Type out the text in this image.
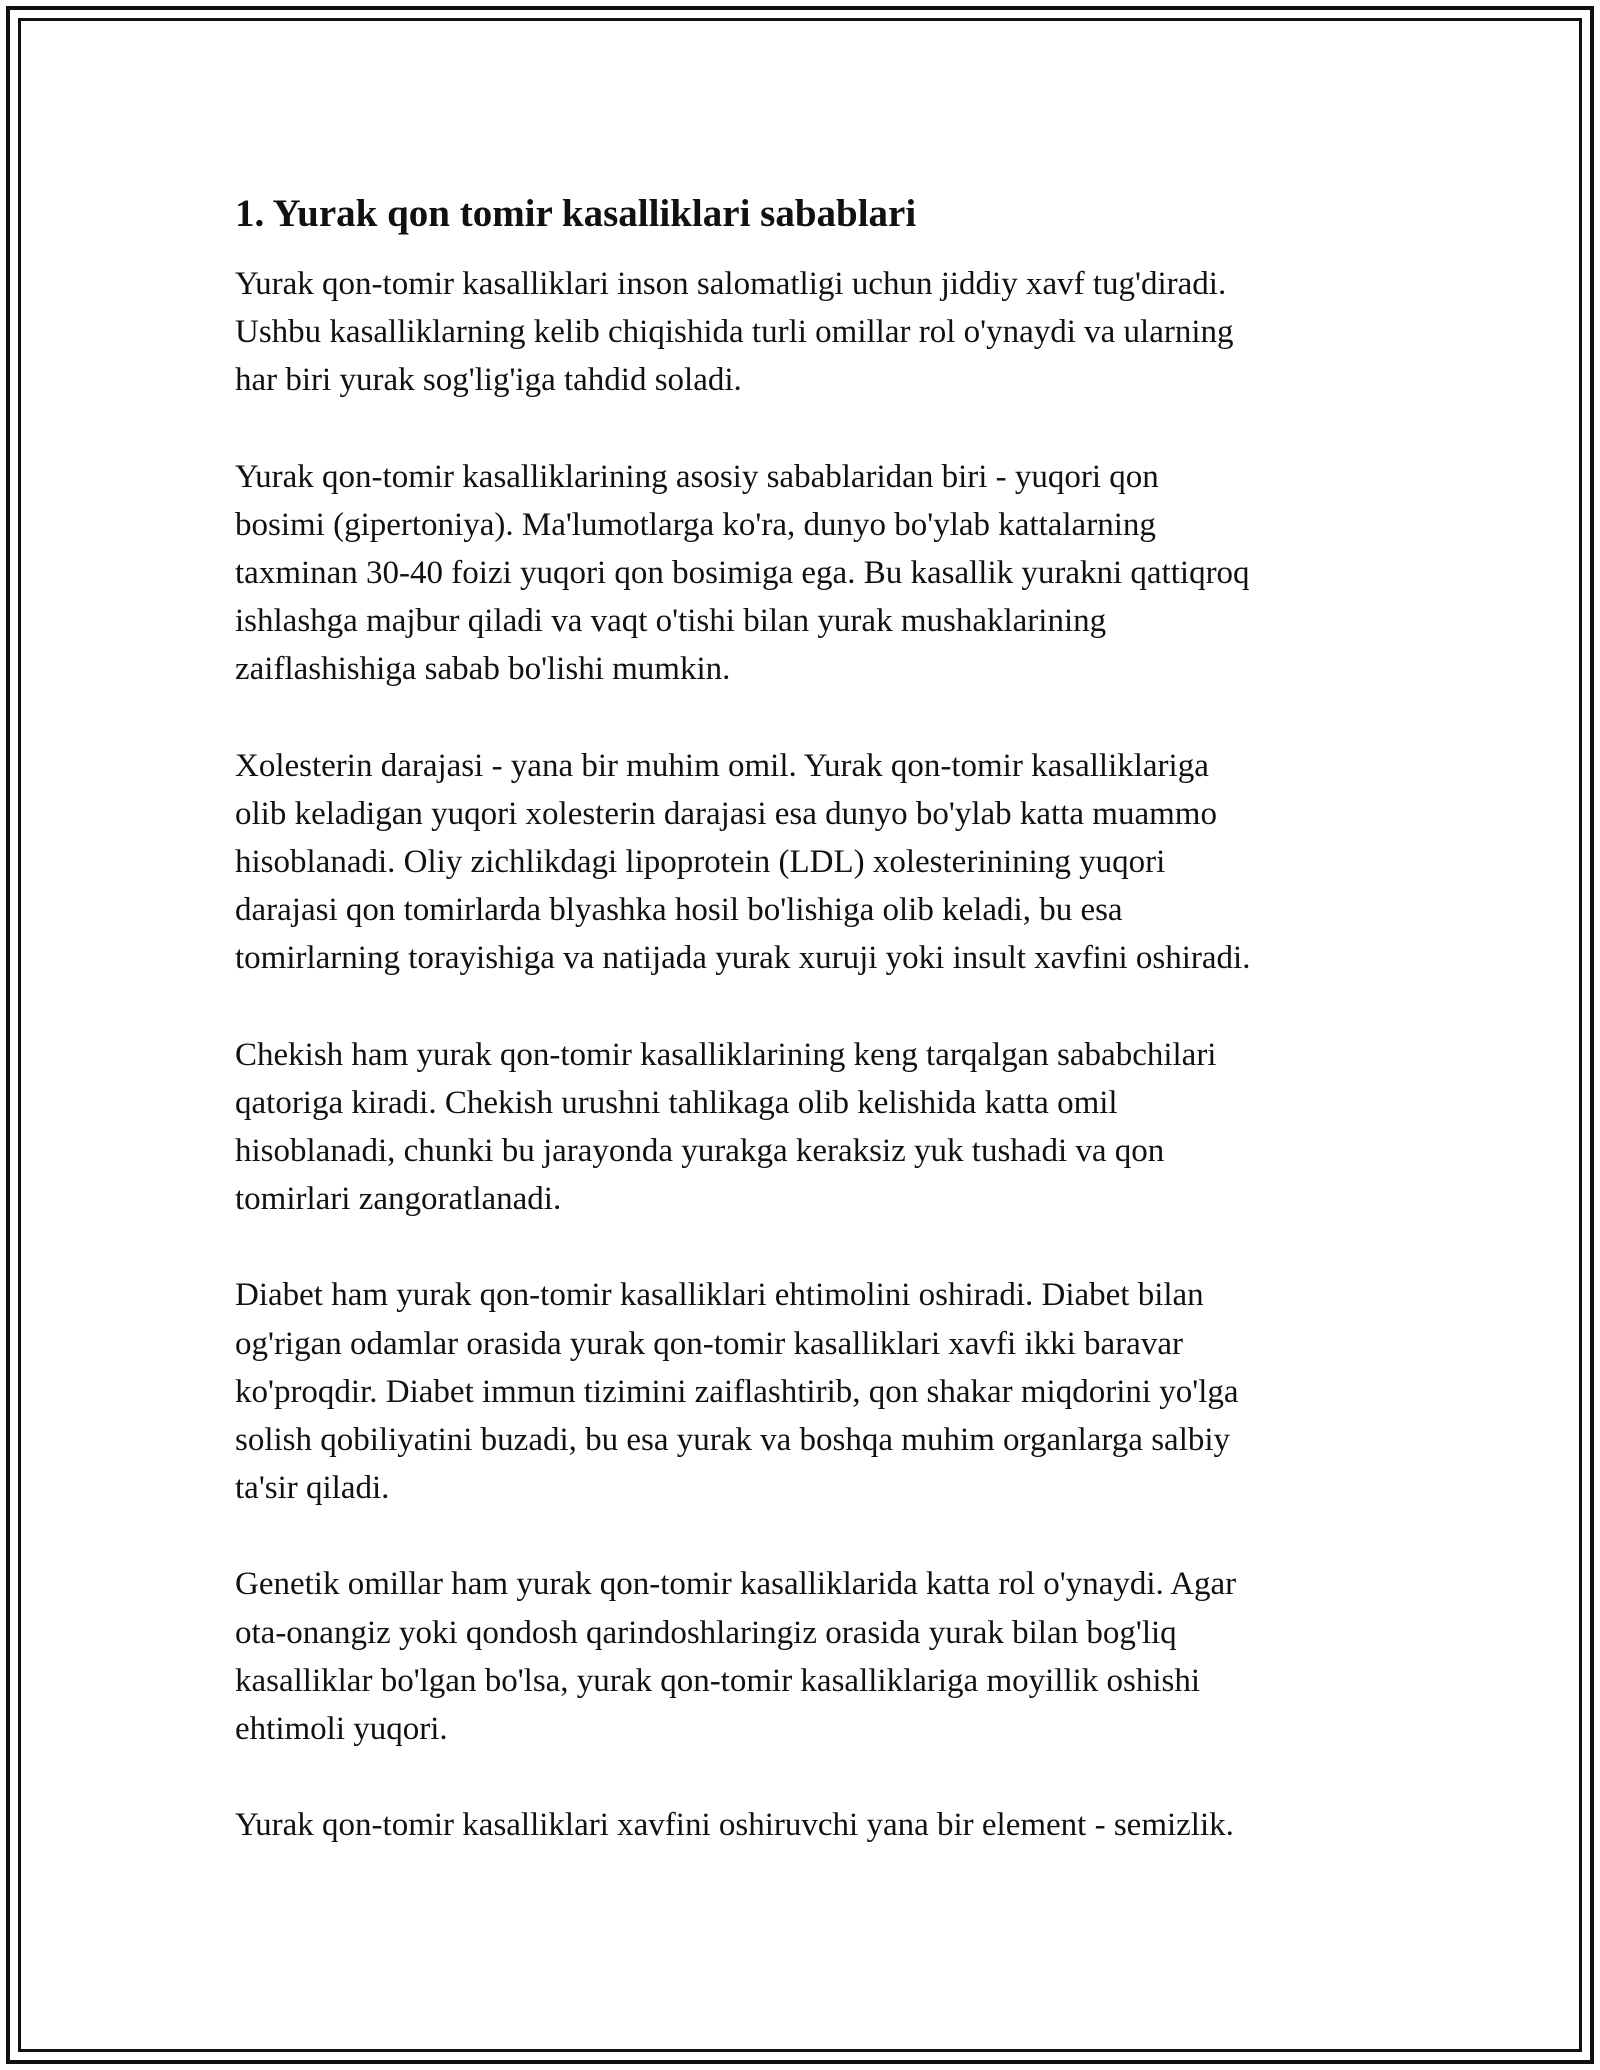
1. Yurak qon tomir kasalliklari sabablari

Yurak qon-tomir kasalliklari inson salomatligi uchun jiddiy xavf tug'diradi.
Ushbu kasalliklarning kelib chiqishida turli omillar rol o'ynaydi va ularning
har biri yurak sog'lig'iga tahdid soladi.

Yurak qon-tomir kasalliklarining asosiy sabablaridan biri - yuqori qon
bosimi (gipertoniya). Ma'lumotlarga ko'ra, dunyo bo'ylab kattalarning
taxminan 30-40 foizi yuqori qon bosimiga ega. Bu kasallik yurakni qattiqroq
ishlashga majbur qiladi va vaqt o'tishi bilan yurak mushaklarining
zaiflashishiga sabab bo'lishi mumkin.

Xolesterin darajasi - yana bir muhim omil. Yurak qon-tomir kasalliklariga
olib keladigan yuqori xolesterin darajasi esa dunyo bo'ylab katta muammo
hisoblanadi. Oliy zichlikdagi lipoprotein (LDL) xolesterinining yuqori
darajasi qon tomirlarda blyashka hosil bo'lishiga olib keladi, bu esa
tomirlarning torayishiga va natijada yurak xuruji yoki insult xavfini oshiradi.

Chekish ham yurak qon-tomir kasalliklarining keng tarqalgan sababchilari
qatoriga kiradi. Chekish urushni tahlikaga olib kelishida katta omil
hisoblanadi, chunki bu jarayonda yurakga keraksiz yuk tushadi va qon
tomirlari zangoratlanadi.

Diabet ham yurak qon-tomir kasalliklari ehtimolini oshiradi. Diabet bilan
og'rigan odamlar orasida yurak qon-tomir kasalliklari xavfi ikki baravar
ko'proqdir. Diabet immun tizimini zaiflashtirib, qon shakar miqdorini yo'lga
solish qobiliyatini buzadi, bu esa yurak va boshqa muhim organlarga salbiy
ta'sir qiladi.

Genetik omillar ham yurak qon-tomir kasalliklarida katta rol o'ynaydi. Agar
ota-onangiz yoki qondosh qarindoshlaringiz orasida yurak bilan bog'liq
kasalliklar bo'lgan bo'lsa, yurak qon-tomir kasalliklariga moyillik oshishi
ehtimoli yuqori.

Yurak qon-tomir kasalliklari xavfini oshiruvchi yana bir element - semizlik.
